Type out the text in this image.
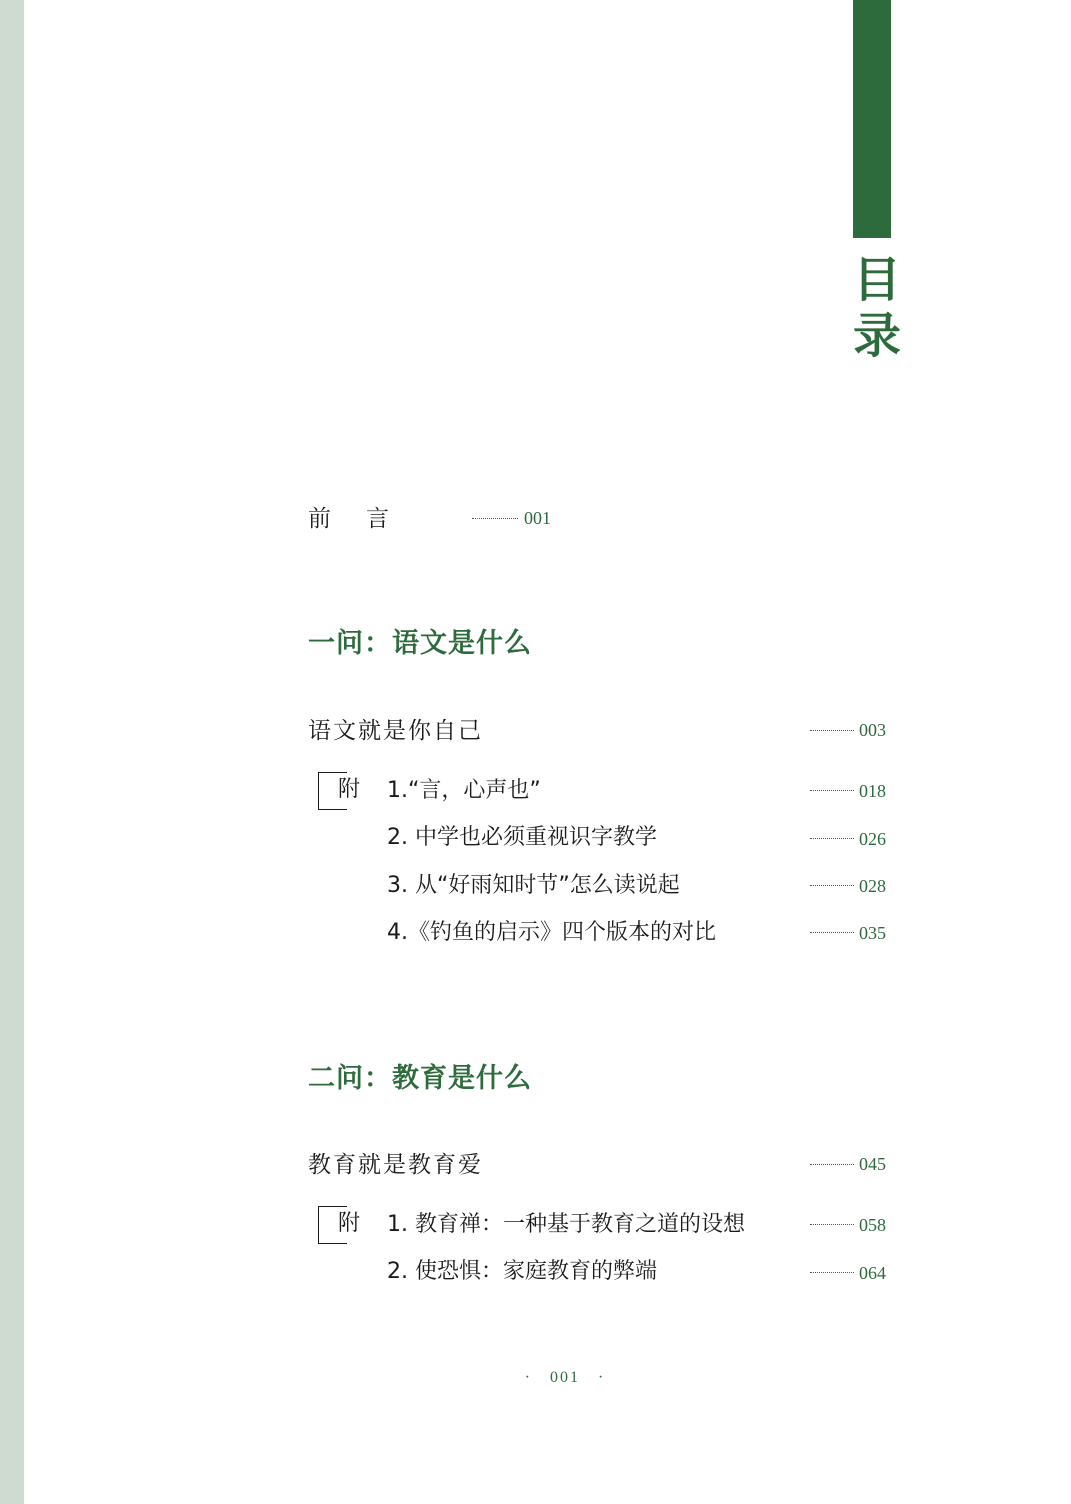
目
录
前　言	001
一问：语文是什么
语文就是你自己	003
附 1.“言，心声也”	018
2. 中学也必须重视识字教学	026
3. 从“好雨知时节”怎么读说起	028
4.《钓鱼的启示》四个版本的对比	035
二问：教育是什么
教育就是教育爱	045
附 1. 教育禅：一种基于教育之道的设想	058
2. 使恐惧：家庭教育的弊端	064
·　001　·
